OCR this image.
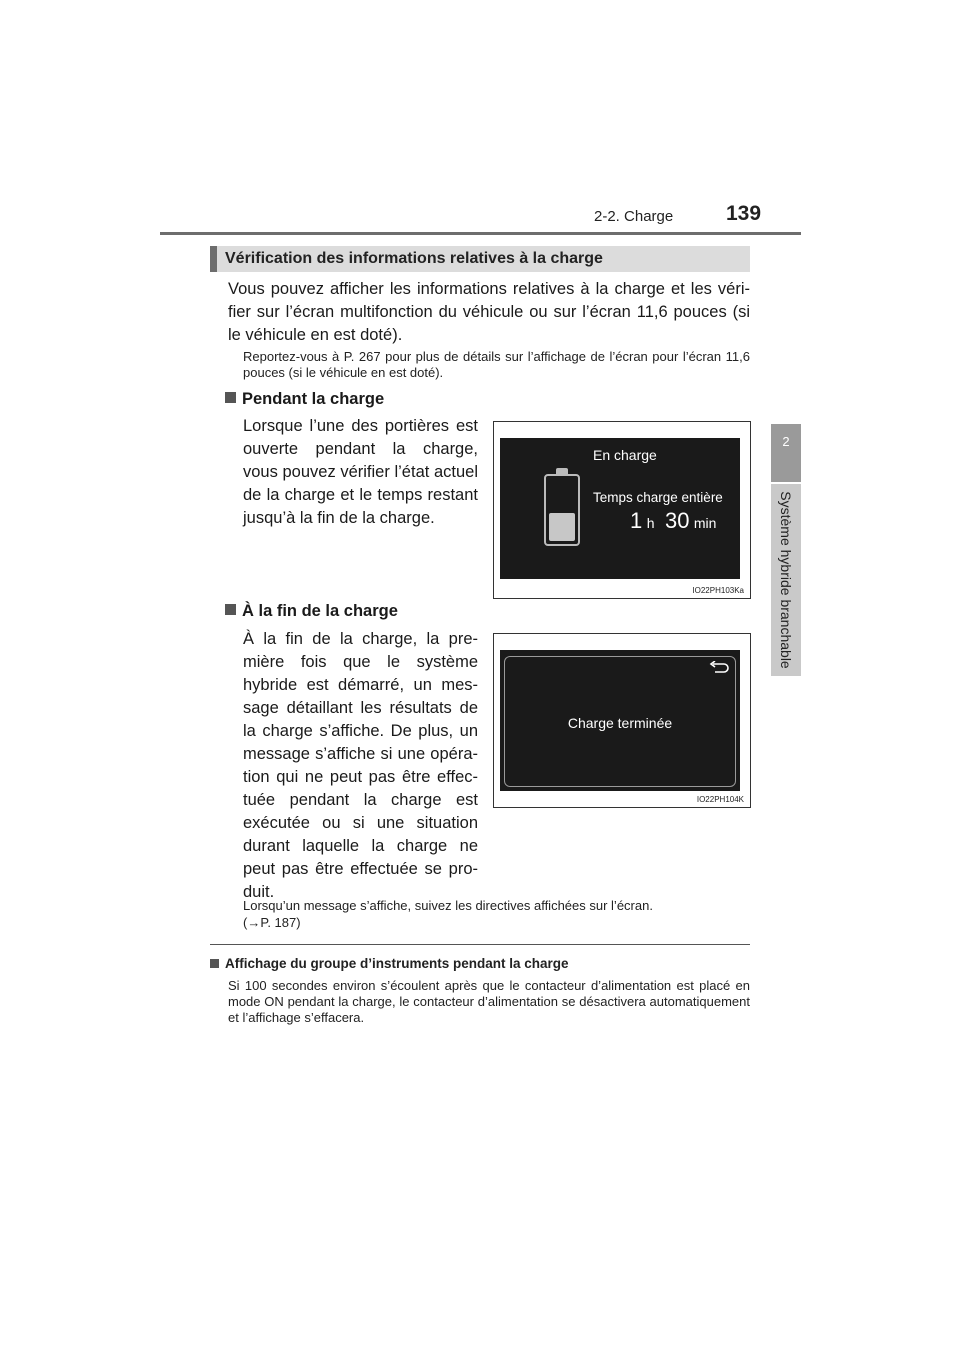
2-2. Charge	139
2
Système hybride branchable
Vérification des informations relatives à la charge
Vous pouvez afficher les informations relatives à la charge et les véri-fier sur l’écran multifonction du véhicule ou sur l’écran 11,6 pouces (si le véhicule en est doté).
Reportez-vous à P. 267 pour plus de détails sur l’affichage de l’écran pour l’écran 11,6 pouces (si le véhicule en est doté).
Pendant la charge
Lorsque l’une des portières est ouverte pendant la charge, vous pouvez vérifier l’état actuel de la charge et le temps restant jusqu’à la fin de la charge.
En charge
Temps charge entière
1 h 30 min
IO22PH103Ka
À la fin de la charge
À la fin de la charge, la pre-mière fois que le système hybride est démarré, un mes-sage détaillant les résultats de la charge s’affiche. De plus, un message s’affiche si une opéra-tion qui ne peut pas être effec-tuée pendant la charge est exécutée ou si une situation durant laquelle la charge ne peut pas être effectuée se pro-duit.
Charge terminée
IO22PH104K
Lorsqu’un message s’affiche, suivez les directives affichées sur l’écran.
(→P. 187)
Affichage du groupe d’instruments pendant la charge
Si 100 secondes environ s’écoulent après que le contacteur d’alimentation est placé en mode ON pendant la charge, le contacteur d’alimentation se désactivera automatiquement et l’affichage s’effacera.
